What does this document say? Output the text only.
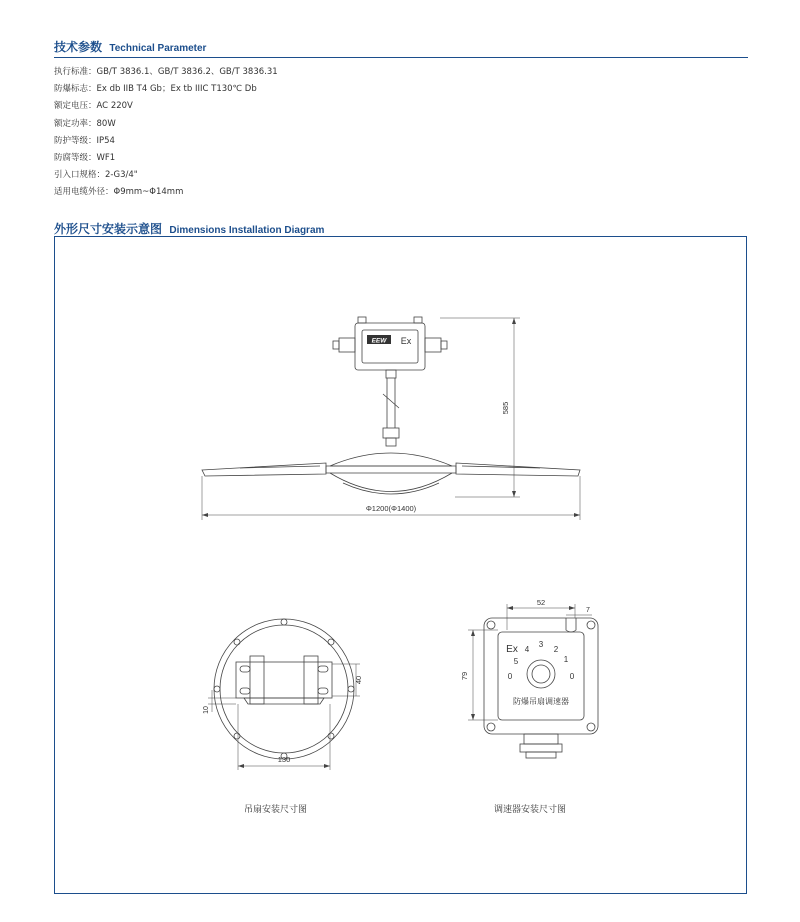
技术参数 Technical Parameter
执行标准：GB/T 3836.1、GB/T 3836.2、GB/T 3836.31
防爆标志：Ex db IIB T4 Gb；Ex tb IIIC T130℃ Db
额定电压：AC 220V
额定功率：80W
防护等级：IP54
防腐等级：WF1
引入口规格：2-G3/4"
适用电缆外径：Φ9mm~Φ14mm
外形尺寸安装示意图 Dimensions Installation Diagram
EEW Ex
585
Φ1200(Φ1400)
130
40
10
Ex
0
5
4
3
2
1
0
防爆吊扇调速器
52
7
79
吊扇安装尺寸图	调速器安装尺寸图
